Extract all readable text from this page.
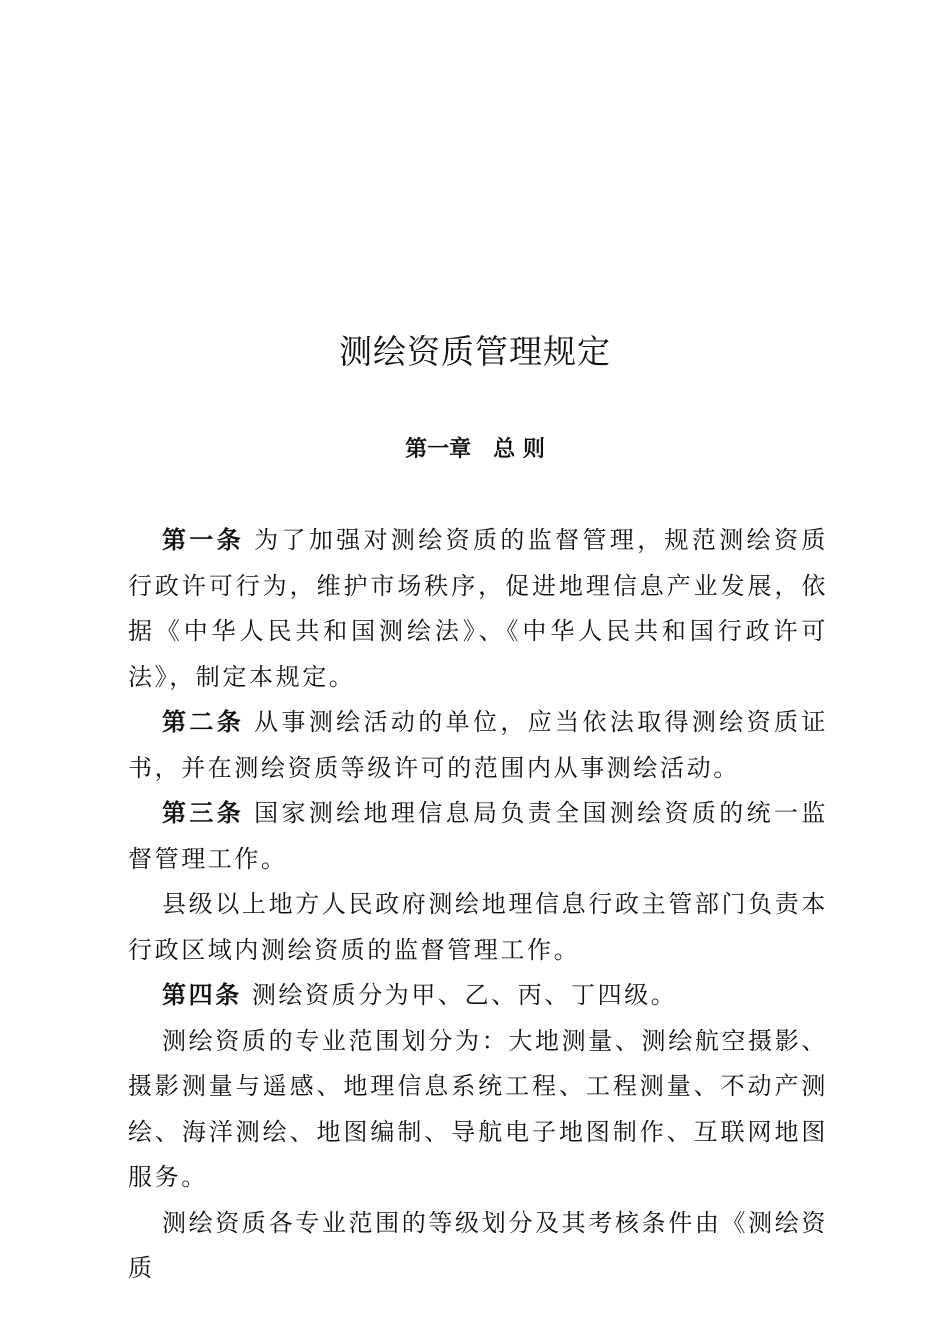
测绘资质管理规定
第一章 总 则

第一条 为了加强对测绘资质的监督管理，规范测绘资质行政许可行为，维护市场秩序，促进地理信息产业发展，依据《中华人民共和国测绘法》、《中华人民共和国行政许可法》，制定本规定。

第二条 从事测绘活动的单位，应当依法取得测绘资质证书，并在测绘资质等级许可的范围内从事测绘活动。

第三条 国家测绘地理信息局负责全国测绘资质的统一监督管理工作。

县级以上地方人民政府测绘地理信息行政主管部门负责本行政区域内测绘资质的监督管理工作。

第四条 测绘资质分为甲、乙、丙、丁四级。

测绘资质的专业范围划分为：大地测量、测绘航空摄影、摄影测量与遥感、地理信息系统工程、工程测量、不动产测绘、海洋测绘、地图编制、导航电子地图制作、互联网地图服务。

测绘资质各专业范围的等级划分及其考核条件由《测绘资质
